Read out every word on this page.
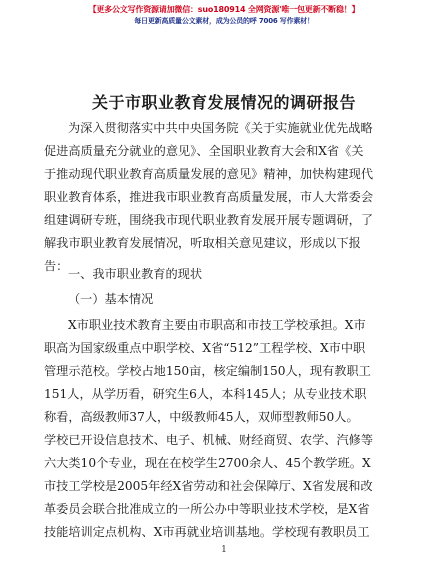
【更多公文写作资源请加微信：suo180914 全网资源'唯一包更新不断稳！】
每日更新高质量公文素材，成为公员的呼 7006 写作素材！
关于市职业教育发展情况的调研报告
为深入贯彻落实中共中央国务院《关于实施就业优先战略
促进高质量充分就业的意见》、全国职业教育大会和X省《关
于推动现代职业教育高质量发展的意见》精神，加快构建现代
职业教育体系，推进我市职业教育高质量发展，市人大常委会
组建调研专班，围绕我市现代职业教育发展开展专题调研，了
解我市职业教育发展情况，听取相关意见建议，形成以下报
告：
一、我市职业教育的现状
（一）基本情况
X市职业技术教育主要由市职高和市技工学校承担。X市
职高为国家级重点中职学校、X省“512”工程学校、X市中职
管理示范校。学校占地150亩，核定编制150人，现有教职工
151人，从学历看，研究生6人，本科145人；从专业技术职
称看，高级教师37人，中级教师45人，双师型教师50人。
学校已开设信息技术、电子、机械、财经商贸、农学、汽修等
六大类10个专业，现在在校学生2700余人、45个教学班。X
市技工学校是2005年经X省劳动和社会保障厅、X省发展和改
革委员会联合批准成立的一所公办中等职业技术学校，是X省
技能培训定点机构、X市再就业培训基地。学校现有教职员工
1
